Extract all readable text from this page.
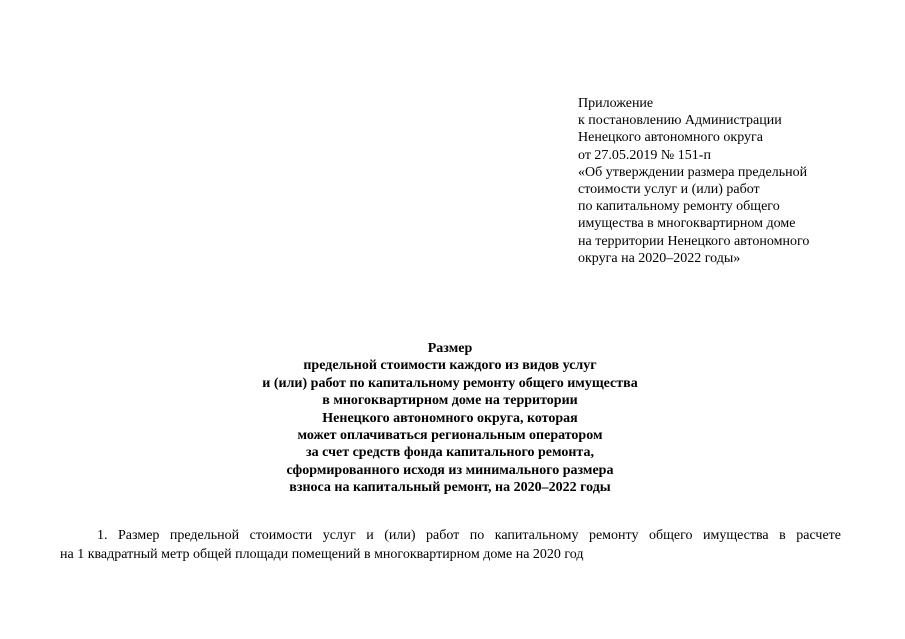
Приложение
к постановлению Администрации
Ненецкого автономного округа
от 27.05.2019 № 151-п
«Об утверждении размера предельной
стоимости услуг и (или) работ
по капитальному ремонту общего
имущества в многоквартирном доме
на территории Ненецкого автономного
округа на 2020–2022 годы»
Размер
предельной стоимости каждого из видов услуг
и (или) работ по капитальному ремонту общего имущества
в многоквартирном доме на территории
Ненецкого автономного округа, которая
может оплачиваться региональным оператором
за счет средств фонда капитального ремонта,
сформированного исходя из минимального размера
взноса на капитальный ремонт, на 2020–2022 годы
1. Размер предельной стоимости услуг и (или) работ по капитальному ремонту общего имущества в расчете
на 1 квадратный метр общей площади помещений в многоквартирном доме на 2020 год
